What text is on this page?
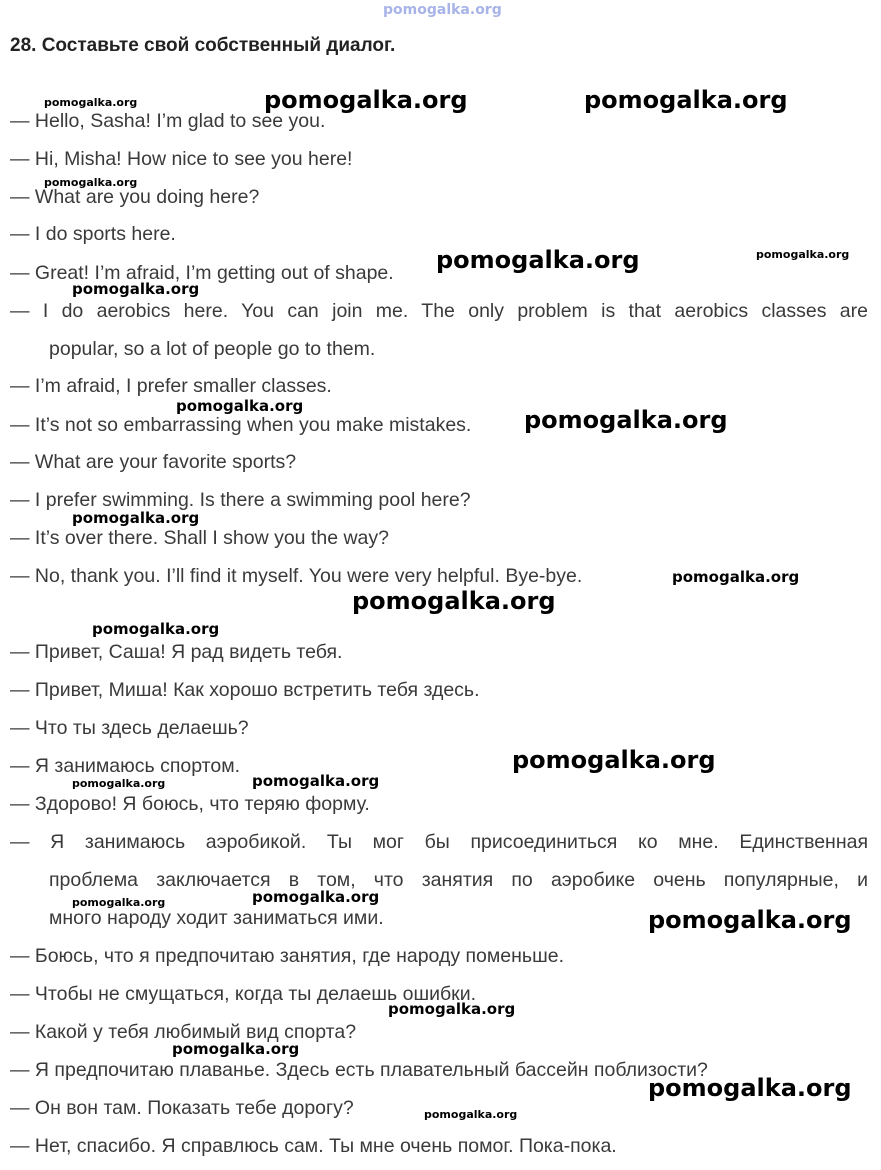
pomogalka.org
28. Составьте свой собственный диалог.
— Hello, Sasha! I’m glad to see you.
— Hi, Misha! How nice to see you here!
— What are you doing here?
— I do sports here.
— Great! I’m afraid, I’m getting out of shape.
— I do aerobics here. You can join me. The only problem is that aerobics classes are
popular, so a lot of people go to them.
— I’m afraid, I prefer smaller classes.
— It’s not so embarrassing when you make mistakes.
— What are your favorite sports?
— I prefer swimming. Is there a swimming pool here?
— It’s over there. Shall I show you the way?
— No, thank you. I’ll find it myself. You were very helpful. Bye-bye.
— Привет, Саша! Я рад видеть тебя.
— Привет, Миша! Как хорошо встретить тебя здесь.
— Что ты здесь делаешь?
— Я занимаюсь спортом.
— Здорово! Я боюсь, что теряю форму.
— Я занимаюсь аэробикой. Ты мог бы присоединиться ко мне. Единственная
проблема заключается в том, что занятия по аэробике очень популярные, и
много народу ходит заниматься ими.
— Боюсь, что я предпочитаю занятия, где народу поменьше.
— Чтобы не смущаться, когда ты делаешь ошибки.
— Какой у тебя любимый вид спорта?
— Я предпочитаю плаванье. Здесь есть плавательный бассейн поблизости?
— Он вон там. Показать тебе дорогу?
— Нет, спасибо. Я справлюсь сам. Ты мне очень помог. Пока-пока.
pomogalka.org	pomogalka.org	pomogalka.org
pomogalka.org
pomogalka.org	pomogalka.org
pomogalka.org
pomogalka.org	pomogalka.org
pomogalka.org
pomogalka.org
pomogalka.org
pomogalka.org
pomogalka.org
pomogalka.org	pomogalka.org
pomogalka.org
pomogalka.org
pomogalka.org
pomogalka.org
pomogalka.org
pomogalka.org
pomogalka.org
